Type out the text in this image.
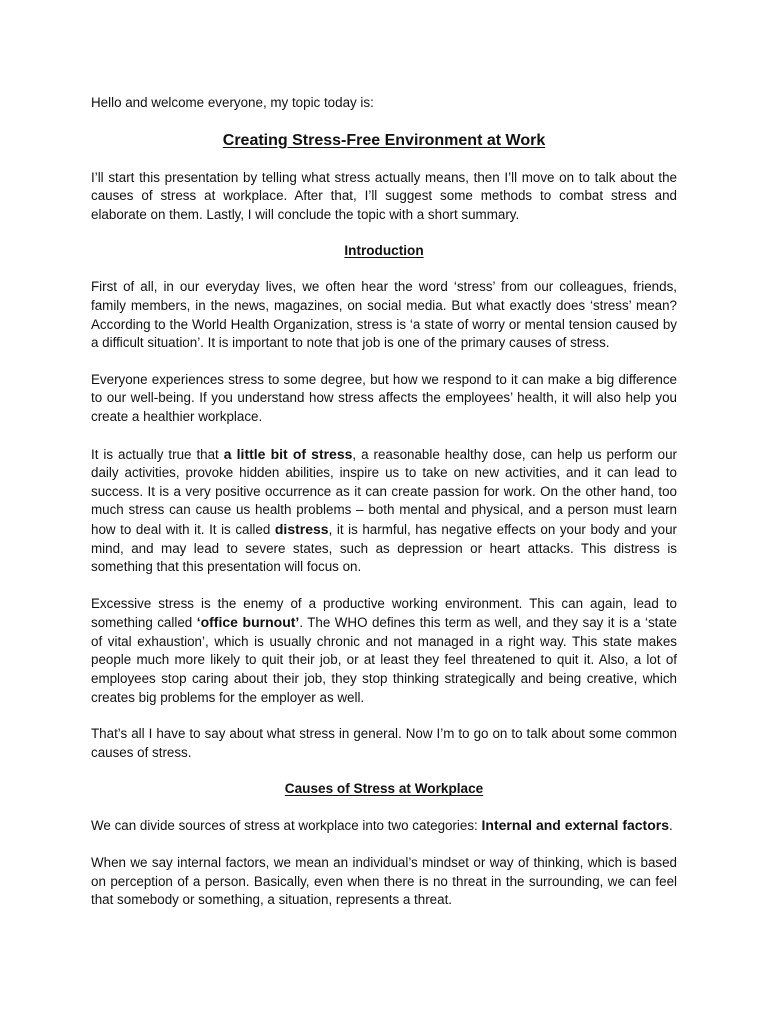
Hello and welcome everyone, my topic today is:

Creating Stress-Free Environment at Work

I’ll start this presentation by telling what stress actually means, then I’ll move on to talk about the causes of stress at workplace. After that, I’ll suggest some methods to combat stress and elaborate on them. Lastly, I will conclude the topic with a short summary.

Introduction

First of all, in our everyday lives, we often hear the word ‘stress’ from our colleagues, friends, family members, in the news, magazines, on social media. But what exactly does ‘stress’ mean? According to the World Health Organization, stress is ‘a state of worry or mental tension caused by a difficult situation’. It is important to note that job is one of the primary causes of stress.

Everyone experiences stress to some degree, but how we respond to it can make a big difference to our well-being. If you understand how stress affects the employees’ health, it will also help you create a healthier workplace.

It is actually true that a little bit of stress, a reasonable healthy dose, can help us perform our daily activities, provoke hidden abilities, inspire us to take on new activities, and it can lead to success. It is a very positive occurrence as it can create passion for work. On the other hand, too much stress can cause us health problems – both mental and physical, and a person must learn how to deal with it. It is called distress, it is harmful, has negative effects on your body and your mind, and may lead to severe states, such as depression or heart attacks. This distress is something that this presentation will focus on.

Excessive stress is the enemy of a productive working environment. This can again, lead to something called ‘office burnout’. The WHO defines this term as well, and they say it is a ‘state of vital exhaustion’, which is usually chronic and not managed in a right way. This state makes people much more likely to quit their job, or at least they feel threatened to quit it. Also, a lot of employees stop caring about their job, they stop thinking strategically and being creative, which creates big problems for the employer as well.

That’s all I have to say about what stress in general. Now I’m to go on to talk about some common causes of stress.

Causes of Stress at Workplace

We can divide sources of stress at workplace into two categories: Internal and external factors.

When we say internal factors, we mean an individual’s mindset or way of thinking, which is based on perception of a person. Basically, even when there is no threat in the surrounding, we can feel that somebody or something, a situation, represents a threat.
